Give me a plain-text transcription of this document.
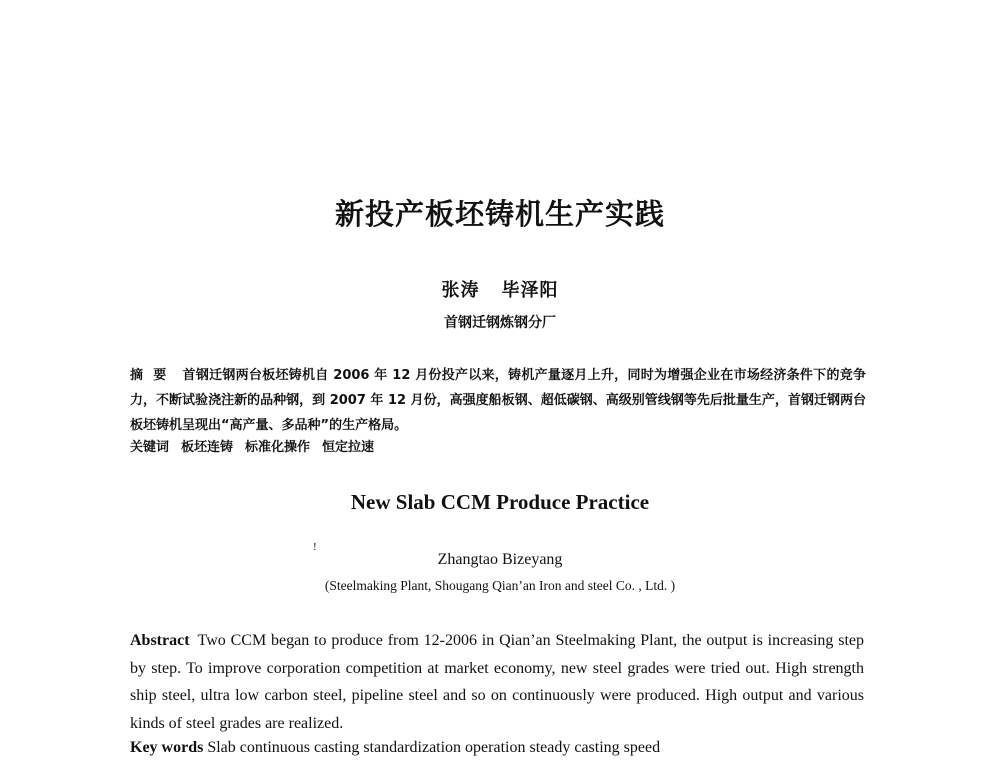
新投产板坯铸机生产实践
张涛 毕泽阳
首钢迁钢炼钢分厂
摘要 首钢迁钢两台板坯铸机自 2006 年 12 月份投产以来，铸机产量逐月上升，同时为增强企业在市场经济条件下的竞争力，不断试验浇注新的品种钢，到 2007 年 12 月份，高强度船板钢、超低碳钢、高级别管线钢等先后批量生产，首钢迁钢两台板坯铸机呈现出“高产量、多品种”的生产格局。
关键词 板坯连铸 标准化操作 恒定拉速
New Slab CCM Produce Practice
!
Zhangtao Bizeyang
(Steelmaking Plant, Shougang Qian’an Iron and steel Co. , Ltd. )
Abstract Two CCM began to produce from 12-2006 in Qian’an Steelmaking Plant, the output is increasing step by step. To improve corporation competition at market economy, new steel grades were tried out. High strength ship steel, ultra low carbon steel, pipeline steel and so on continuously were produced. High output and various kinds of steel grades are realized.
Key words Slab continuous casting standardization operation steady casting speed
